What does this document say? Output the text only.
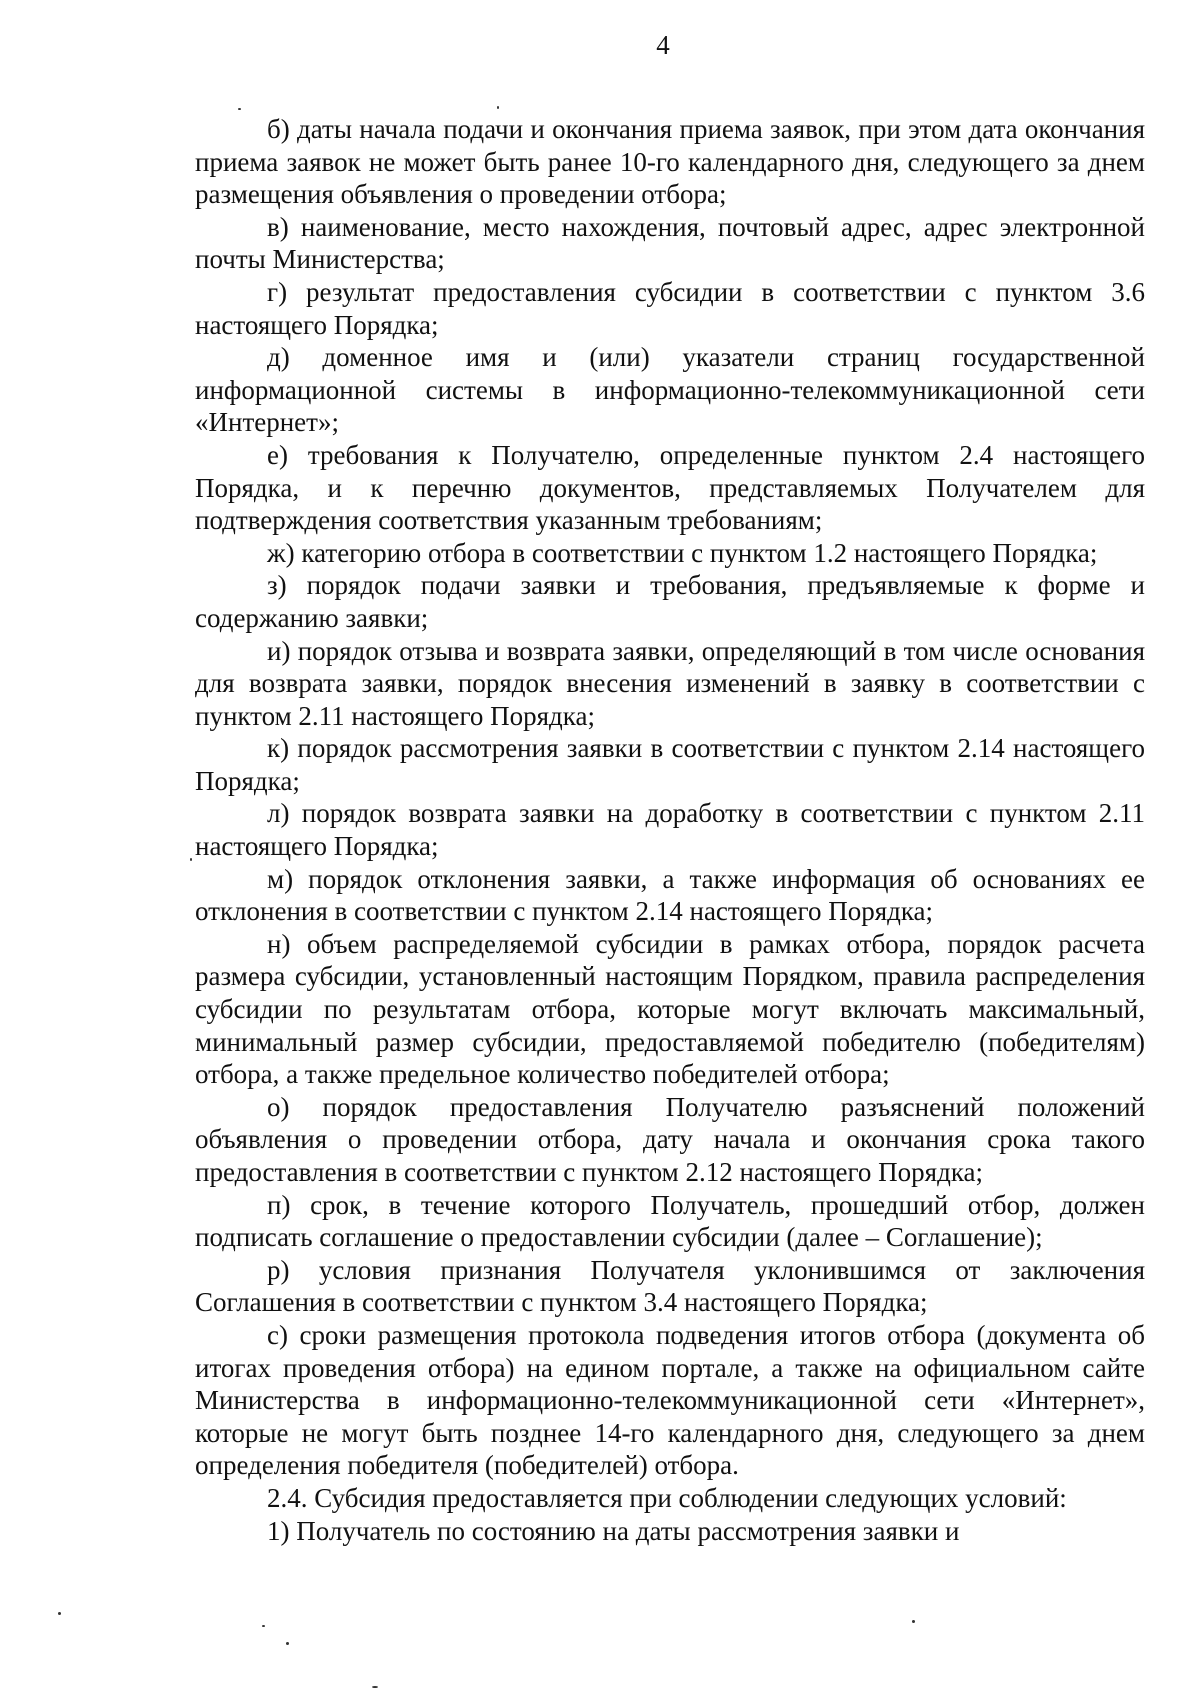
4

б) даты начала подачи и окончания приема заявок, при этом дата окончания приема заявок не может быть ранее 10-го календарного дня, следующего за днем размещения объявления о проведении отбора;

в) наименование, место нахождения, почтовый адрес, адрес электронной почты Министерства;

г) результат предоставления субсидии в соответствии с пунктом 3.6 настоящего Порядка;

д) доменное имя и (или) указатели страниц государственной информационной системы в информационно-телекоммуникационной сети «Интернет»;

е) требования к Получателю, определенные пунктом 2.4 настоящего Порядка, и к перечню документов, представляемых Получателем для подтверждения соответствия указанным требованиям;

ж) категорию отбора в соответствии с пунктом 1.2 настоящего Порядка;

з) порядок подачи заявки и требования, предъявляемые к форме и содержанию заявки;

и) порядок отзыва и возврата заявки, определяющий в том числе основания для возврата заявки, порядок внесения изменений в заявку в соответствии с пунктом 2.11 настоящего Порядка;

к) порядок рассмотрения заявки в соответствии с пунктом 2.14 настоящего Порядка;

л) порядок возврата заявки на доработку в соответствии с пунктом 2.11 настоящего Порядка;

м) порядок отклонения заявки, а также информация об основаниях ее отклонения в соответствии с пунктом 2.14 настоящего Порядка;

н) объем распределяемой субсидии в рамках отбора, порядок расчета размера субсидии, установленный настоящим Порядком, правила распределения субсидии по результатам отбора, которые могут включать максимальный, минимальный размер субсидии, предоставляемой победителю (победителям) отбора, а также предельное количество победителей отбора;

о) порядок предоставления Получателю разъяснений положений объявления о проведении отбора, дату начала и окончания срока такого предоставления в соответствии с пунктом 2.12 настоящего Порядка;

п) срок, в течение которого Получатель, прошедший отбор, должен подписать соглашение о предоставлении субсидии (далее – Соглашение);

р) условия признания Получателя уклонившимся от заключения Соглашения в соответствии с пунктом 3.4 настоящего Порядка;

с) сроки размещения протокола подведения итогов отбора (документа об итогах проведения отбора) на едином портале, а также на официальном сайте Министерства в информационно-телекоммуникационной сети «Интернет», которые не могут быть позднее 14-го календарного дня, следующего за днем определения победителя (победителей) отбора.

2.4. Субсидия предоставляется при соблюдении следующих условий:

1) Получатель по состоянию на даты рассмотрения заявки и
